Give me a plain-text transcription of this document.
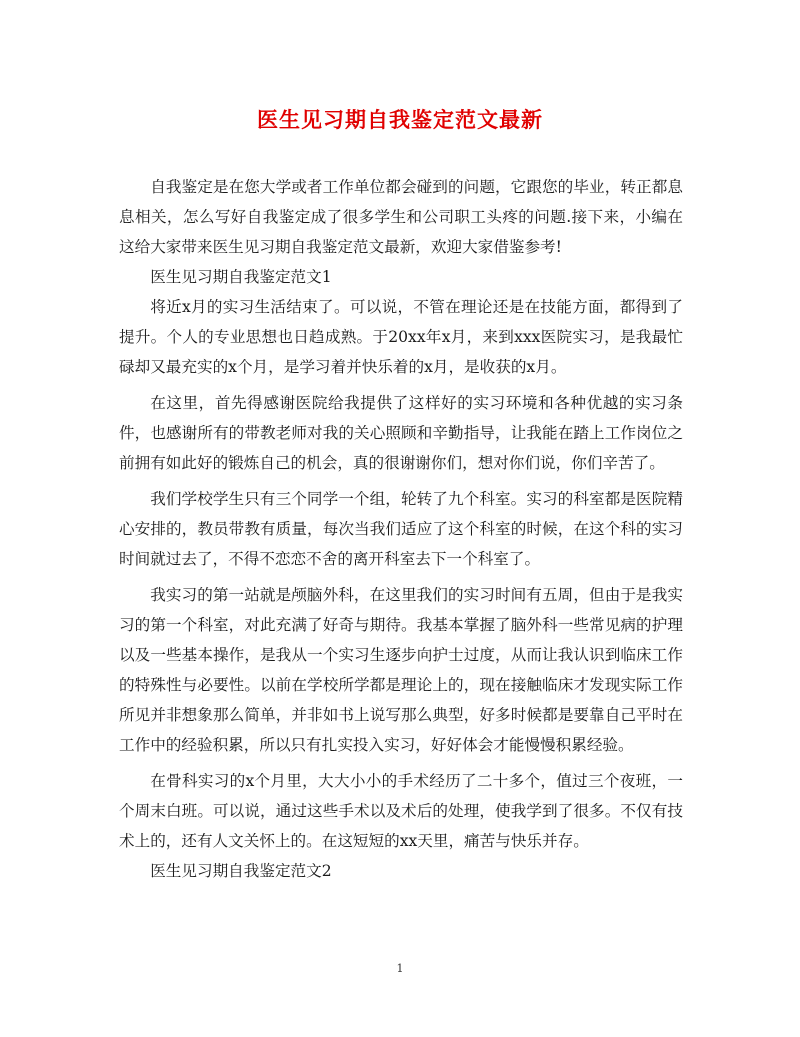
医生见习期自我鉴定范文最新

自我鉴定是在您大学或者工作单位都会碰到的问题，它跟您的毕业，转正都息息相关，怎么写好自我鉴定成了很多学生和公司职工头疼的问题.接下来，小编在这给大家带来医生见习期自我鉴定范文最新，欢迎大家借鉴参考!

医生见习期自我鉴定范文1

将近x月的实习生活结束了。可以说，不管在理论还是在技能方面，都得到了提升。个人的专业思想也日趋成熟。于20xx年x月，来到xxx医院实习，是我最忙碌却又最充实的x个月，是学习着并快乐着的x月，是收获的x月。

在这里，首先得感谢医院给我提供了这样好的实习环境和各种优越的实习条件，也感谢所有的带教老师对我的关心照顾和辛勤指导，让我能在踏上工作岗位之前拥有如此好的锻炼自己的机会，真的很谢谢你们，想对你们说，你们辛苦了。

我们学校学生只有三个同学一个组，轮转了九个科室。实习的科室都是医院精心安排的，教员带教有质量，每次当我们适应了这个科室的时候，在这个科的实习时间就过去了，不得不恋恋不舍的离开科室去下一个科室了。

我实习的第一站就是颅脑外科，在这里我们的实习时间有五周，但由于是我实习的第一个科室，对此充满了好奇与期待。我基本掌握了脑外科一些常见病的护理以及一些基本操作，是我从一个实习生逐步向护士过度，从而让我认识到临床工作的特殊性与必要性。以前在学校所学都是理论上的，现在接触临床才发现实际工作所见并非想象那么简单，并非如书上说写那么典型，好多时候都是要靠自己平时在工作中的经验积累，所以只有扎实投入实习，好好体会才能慢慢积累经验。

在骨科实习的x个月里，大大小小的手术经历了二十多个，值过三个夜班，一个周末白班。可以说，通过这些手术以及术后的处理，使我学到了很多。不仅有技术上的，还有人文关怀上的。在这短短的xx天里，痛苦与快乐并存。

医生见习期自我鉴定范文2

1
